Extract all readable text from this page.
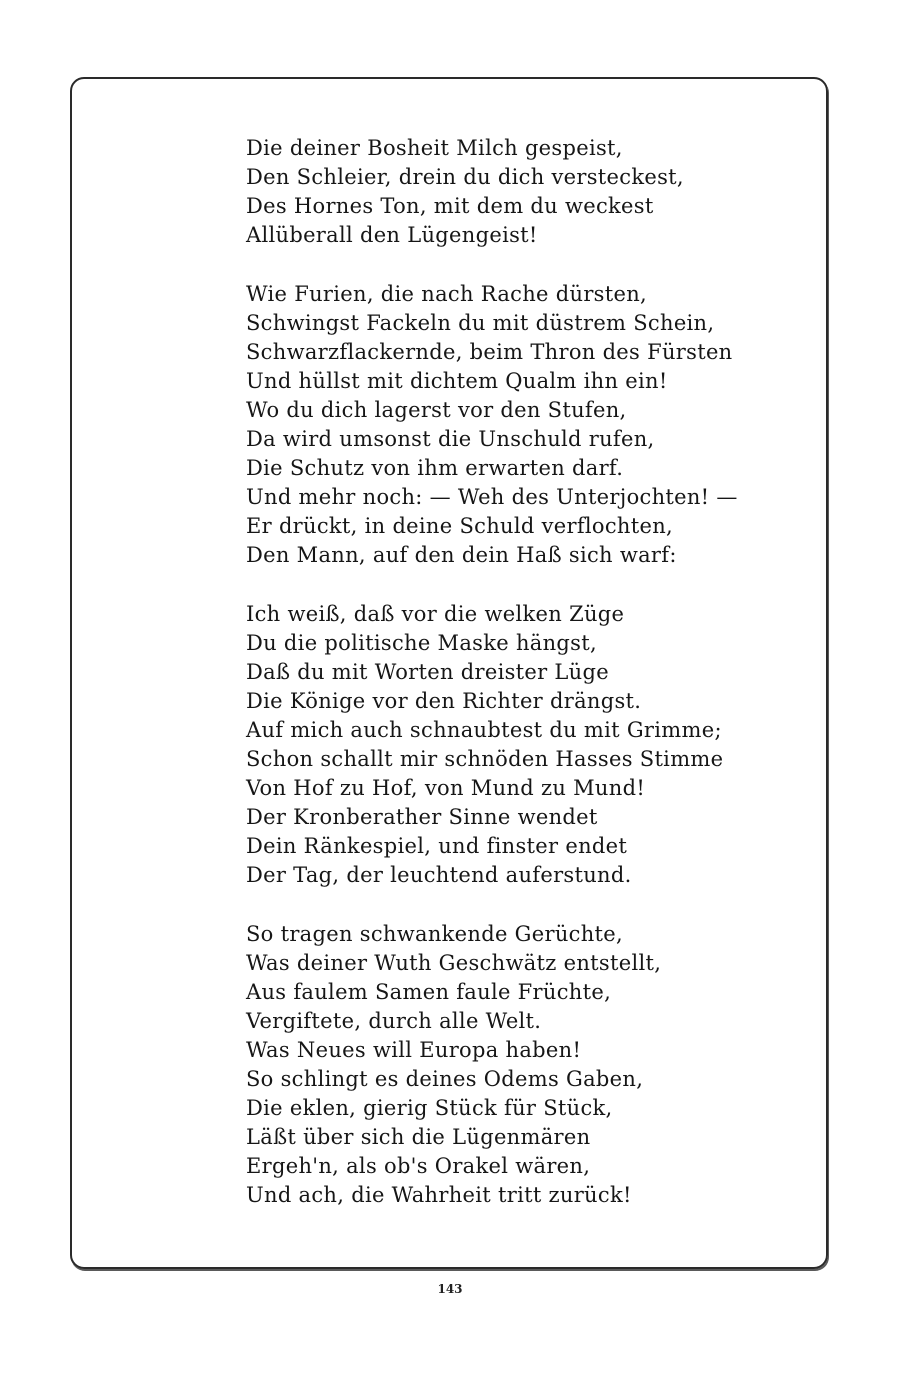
Die deiner Bosheit Milch gespeist,
Den Schleier, drein du dich versteckest,
Des Hornes Ton, mit dem du weckest
Allüberall den Lügengeist!
Wie Furien, die nach Rache dürsten,
Schwingst Fackeln du mit düstrem Schein,
Schwarzflackernde, beim Thron des Fürsten
Und hüllst mit dichtem Qualm ihn ein!
Wo du dich lagerst vor den Stufen,
Da wird umsonst die Unschuld rufen,
Die Schutz von ihm erwarten darf.
Und mehr noch: — Weh des Unterjochten! —
Er drückt, in deine Schuld verflochten,
Den Mann, auf den dein Haß sich warf:
Ich weiß, daß vor die welken Züge
Du die politische Maske hängst,
Daß du mit Worten dreister Lüge
Die Könige vor den Richter drängst.
Auf mich auch schnaubtest du mit Grimme;
Schon schallt mir schnöden Hasses Stimme
Von Hof zu Hof, von Mund zu Mund!
Der Kronberather Sinne wendet
Dein Ränkespiel, und finster endet
Der Tag, der leuchtend auferstund.
So tragen schwankende Gerüchte,
Was deiner Wuth Geschwätz entstellt,
Aus faulem Samen faule Früchte,
Vergiftete, durch alle Welt.
Was Neues will Europa haben!
So schlingt es deines Odems Gaben,
Die eklen, gierig Stück für Stück,
Läßt über sich die Lügenmären
Ergeh'n, als ob's Orakel wären,
Und ach, die Wahrheit tritt zurück!
143
